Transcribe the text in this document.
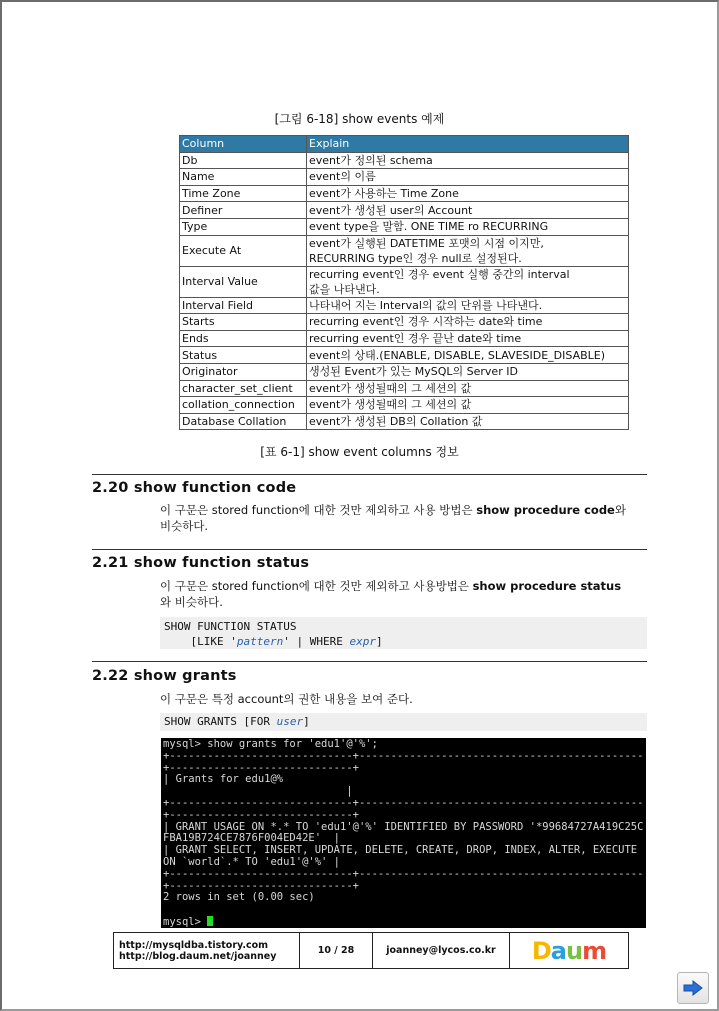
[그림 6-18] show events 예제
Column	Explain
Db	event가 정의된 schema
Name	event의 이름
Time Zone	event가 사용하는 Time Zone
Definer	event가 생성된 user의 Account
Type	event type을 말함. ONE TIME ro RECURRING
Execute At	event가 실행된 DATETIME 포맷의 시점 이지만,
RECURRING type인 경우 null로 설정된다.
Interval Value	recurring event인 경우 event 실행 중간의 interval
값을 나타낸다.
Interval Field	나타내어 지는 Interval의 값의 단위를 나타낸다.
Starts	recurring event인 경우 시작하는 date와 time
Ends	recurring event인 경우 끝난 date와 time
Status	event의 상태.(ENABLE, DISABLE, SLAVESIDE_DISABLE)
Originator	생성된 Event가 있는 MySQL의 Server ID
character_set_client	event가 생성될때의 그 세션의 값
collation_connection	event가 생성될때의 그 세션의 값
Database Collation	event가 생성된 DB의 Collation 값
[표 6-1] show event columns 정보
2.20 show function code
이 구문은 stored function에 대한 것만 제외하고 사용 방법은 show procedure code와 비슷하다.
2.21 show function status
이 구문은 stored function에 대한 것만 제외하고 사용방법은 show procedure status 와 비슷하다.
SHOW FUNCTION STATUS
[LIKE 'pattern' | WHERE expr]
2.22 show grants
이 구문은 특정 account의 권한 내용을 보여 준다.
SHOW GRANTS [FOR user]
mysql> show grants for 'edu1'@'%';
+-----------------------------+---------------------------------------------
+-----------------------------+
| Grants for edu1@%
|
+-----------------------------+---------------------------------------------
+-----------------------------+
| GRANT USAGE ON *.* TO 'edu1'@'%' IDENTIFIED BY PASSWORD '*99684727A419C25C
FBA19B724CE7876F004ED42E'  |
| GRANT SELECT, INSERT, UPDATE, DELETE, CREATE, DROP, INDEX, ALTER, EXECUTE
ON `world`.* TO 'edu1'@'%' |
+-----------------------------+---------------------------------------------
+-----------------------------+
2 rows in set (0.00 sec)
mysql>
http://mysqldba.tistory.com
http://blog.daum.net/joanney	10 / 28	joanney@lycos.co.kr	Daum
